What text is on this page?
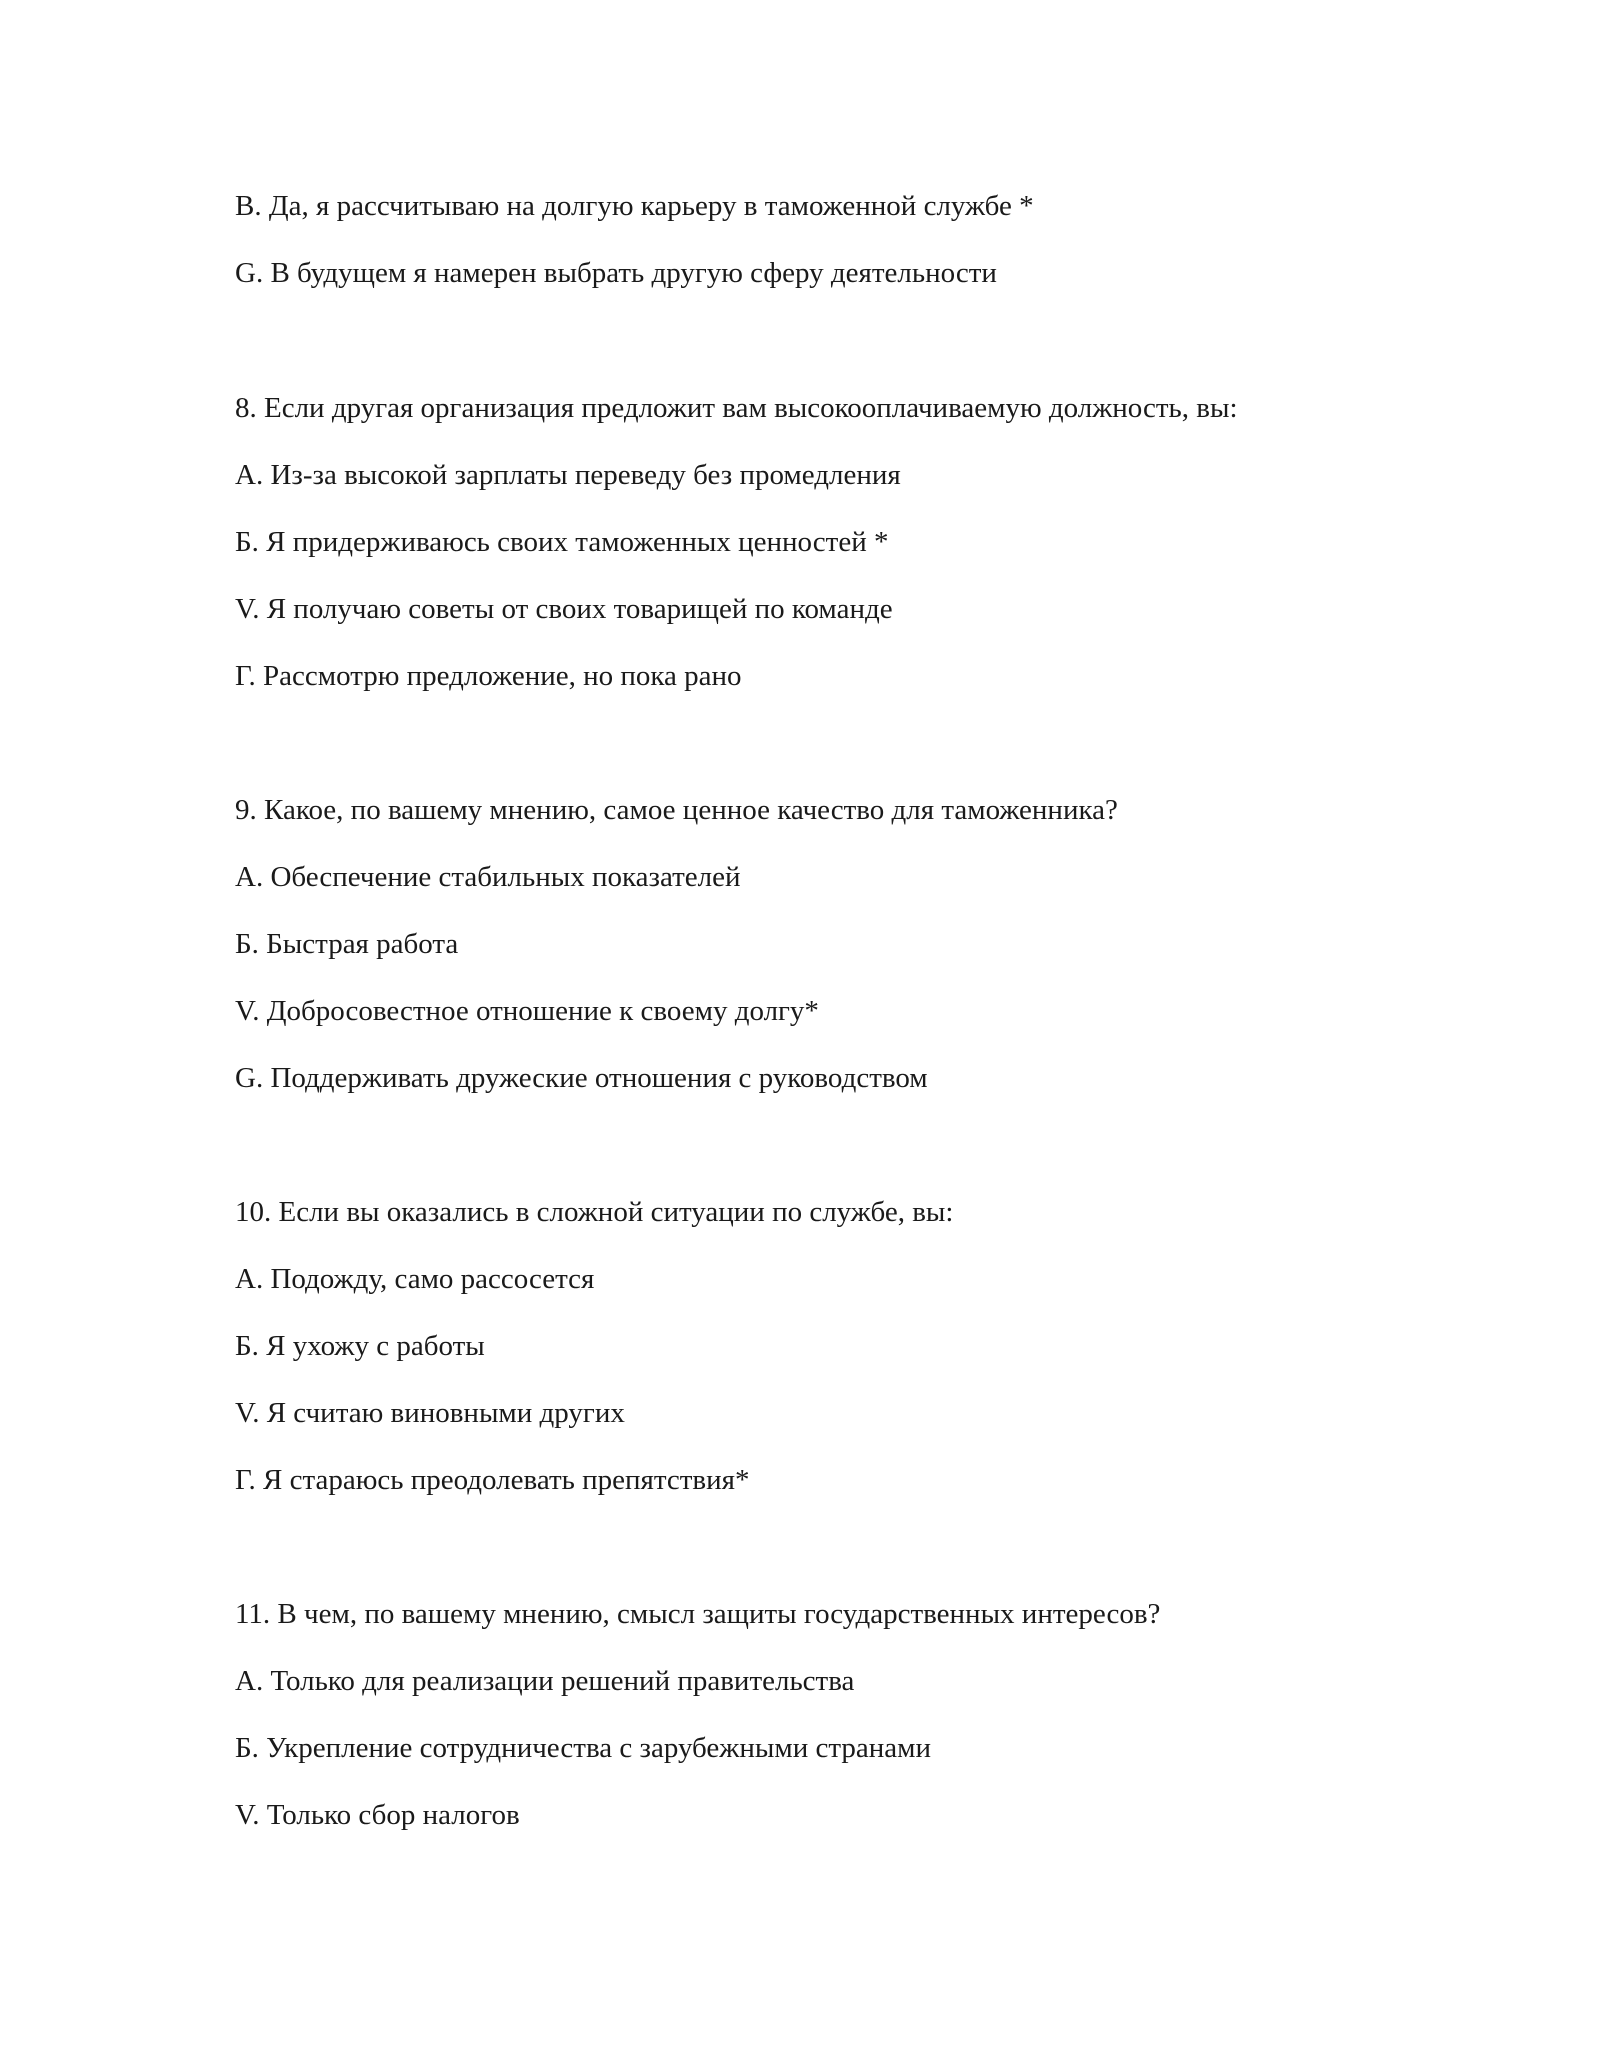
B. Да, я рассчитываю на долгую карьеру в таможенной службе *
G. В будущем я намерен выбрать другую сферу деятельности
8. Если другая организация предложит вам высокооплачиваемую должность, вы:
A. Из-за высокой зарплаты переведу без промедления
Б. Я придерживаюсь своих таможенных ценностей *
V. Я получаю советы от своих товарищей по команде
Г. Рассмотрю предложение, но пока рано
9. Какое, по вашему мнению, самое ценное качество для таможенника?
A. Обеспечение стабильных показателей
Б. Быстрая работа
V. Добросовестное отношение к своему долгу*
G. Поддерживать дружеские отношения с руководством
10. Если вы оказались в сложной ситуации по службе, вы:
A. Подожду, само рассосется
Б. Я ухожу с работы
V. Я считаю виновными других
Г. Я стараюсь преодолевать препятствия*
11. В чем, по вашему мнению, смысл защиты государственных интересов?
A. Только для реализации решений правительства
Б. Укрепление сотрудничества с зарубежными странами
V. Только сбор налогов
